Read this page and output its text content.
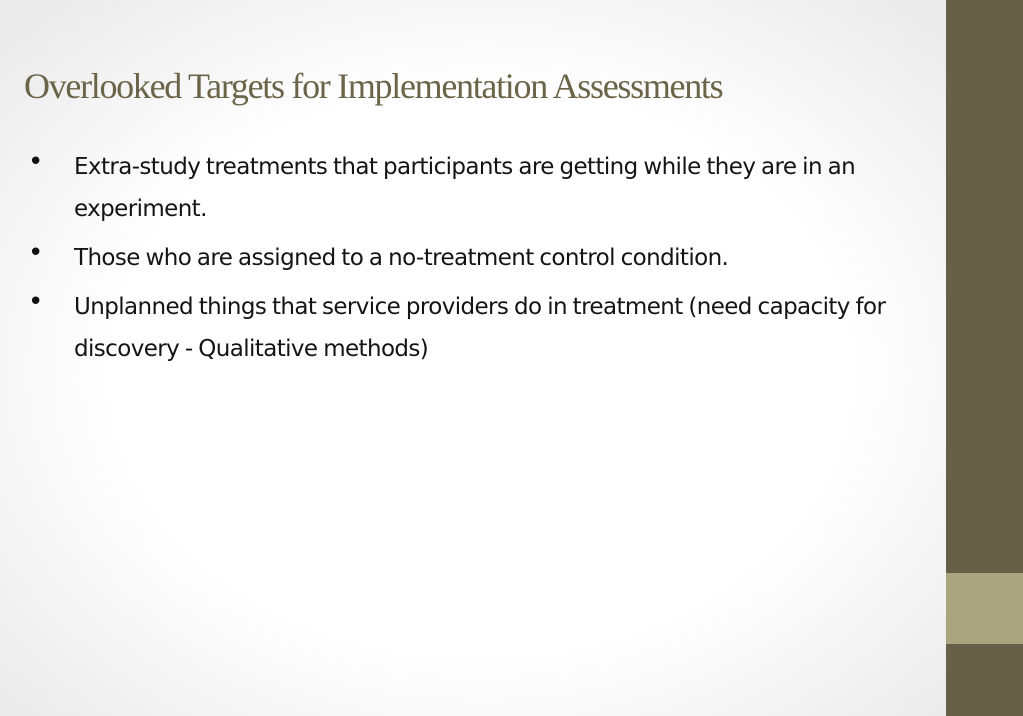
Overlooked Targets for Implementation Assessments
•	Extra-study treatments that participants are getting while they are in an experiment.
•	Those who are assigned to a no-treatment control condition.
•	Unplanned things that service providers do in treatment (need capacity for discovery - Qualitative methods)
